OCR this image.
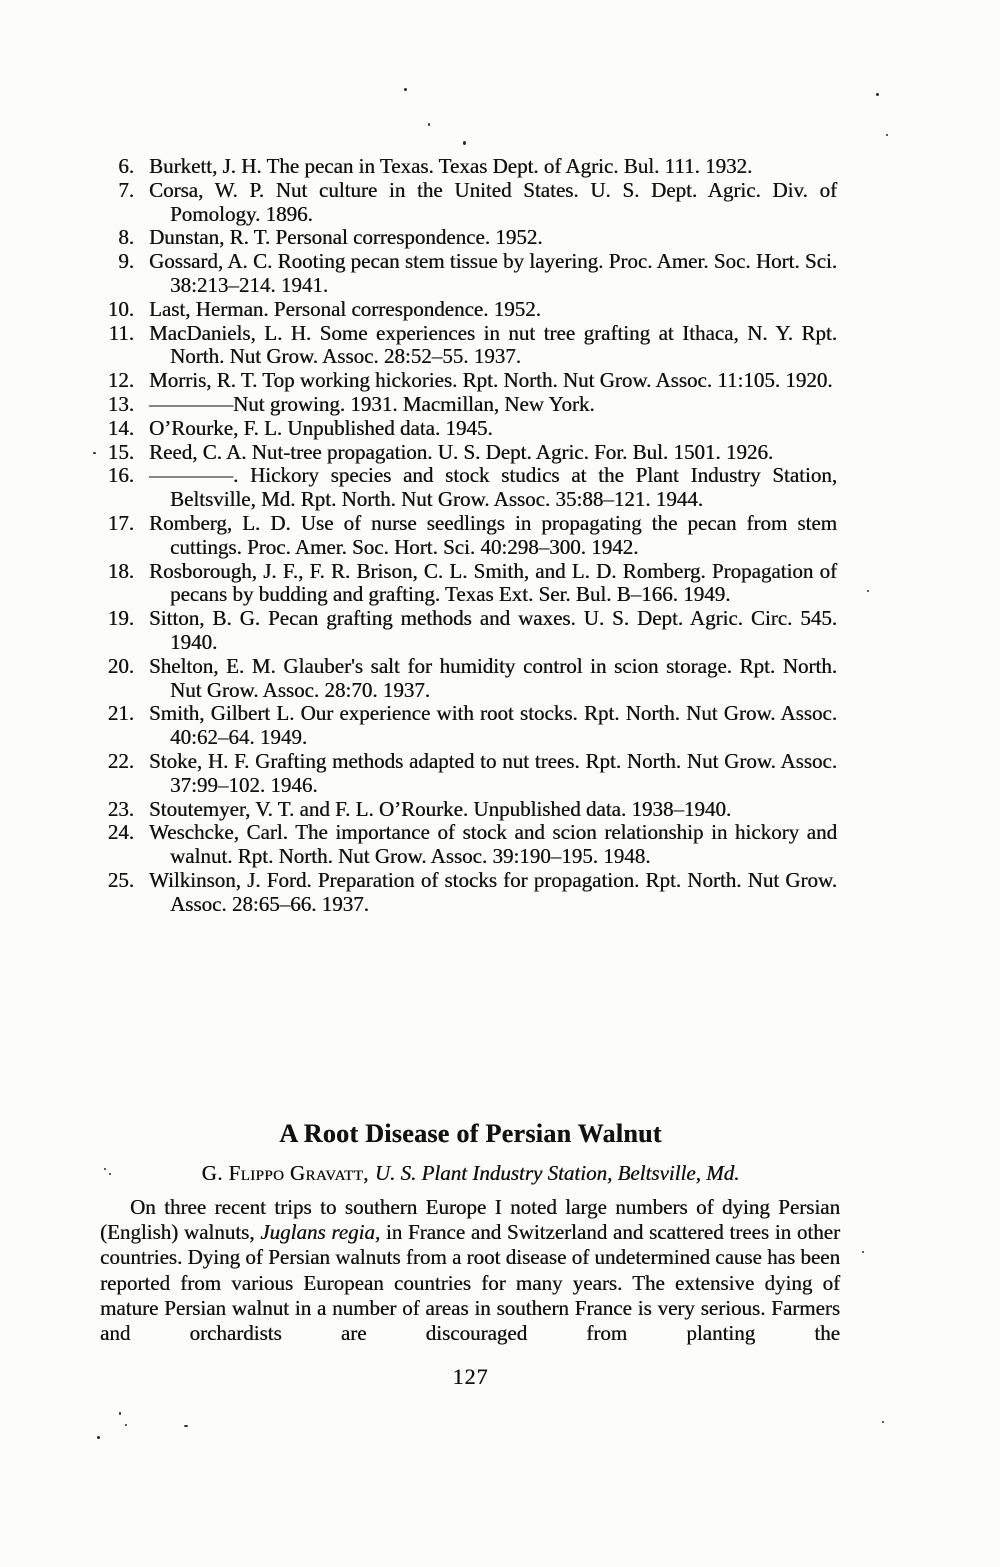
6. Burkett, J. H. The pecan in Texas. Texas Dept. of Agric. Bul. 111. 1932.
7. Corsa, W. P. Nut culture in the United States. U. S. Dept. Agric. Div. of Pomology. 1896.
8. Dunstan, R. T. Personal correspondence. 1952.
9. Gossard, A. C. Rooting pecan stem tissue by layering. Proc. Amer. Soc. Hort. Sci. 38:213–214. 1941.
10. Last, Herman. Personal correspondence. 1952.
11. MacDaniels, L. H. Some experiences in nut tree grafting at Ithaca, N. Y. Rpt. North. Nut Grow. Assoc. 28:52–55. 1937.
12. Morris, R. T. Top working hickories. Rpt. North. Nut Grow. Assoc. 11:105. 1920.
13. ————Nut growing. 1931. Macmillan, New York.
14. O’Rourke, F. L. Unpublished data. 1945.
15. Reed, C. A. Nut-tree propagation. U. S. Dept. Agric. For. Bul. 1501. 1926.
16. ————. Hickory species and stock studics at the Plant Industry Station, Beltsville, Md. Rpt. North. Nut Grow. Assoc. 35:88–121. 1944.
17. Romberg, L. D. Use of nurse seedlings in propagating the pecan from stem cuttings. Proc. Amer. Soc. Hort. Sci. 40:298–300. 1942.
18. Rosborough, J. F., F. R. Brison, C. L. Smith, and L. D. Romberg. Propagation of pecans by budding and grafting. Texas Ext. Ser. Bul. B–166. 1949.
19. Sitton, B. G. Pecan grafting methods and waxes. U. S. Dept. Agric. Circ. 545. 1940.
20. Shelton, E. M. Glauber's salt for humidity control in scion storage. Rpt. North. Nut Grow. Assoc. 28:70. 1937.
21. Smith, Gilbert L. Our experience with root stocks. Rpt. North. Nut Grow. Assoc. 40:62–64. 1949.
22. Stoke, H. F. Grafting methods adapted to nut trees. Rpt. North. Nut Grow. Assoc. 37:99–102. 1946.
23. Stoutemyer, V. T. and F. L. O’Rourke. Unpublished data. 1938–1940.
24. Weschcke, Carl. The importance of stock and scion relationship in hickory and walnut. Rpt. North. Nut Grow. Assoc. 39:190–195. 1948.
25. Wilkinson, J. Ford. Preparation of stocks for propagation. Rpt. North. Nut Grow. Assoc. 28:65–66. 1937.
A Root Disease of Persian Walnut
G. Flippo Gravatt, U. S. Plant Industry Station, Beltsville, Md.

On three recent trips to southern Europe I noted large numbers of dying Persian (English) walnuts, Juglans regia, in France and Switzerland and scattered trees in other countries. Dying of Persian walnuts from a root disease of undetermined cause has been reported from various European countries for many years. The extensive dying of mature Persian walnut in a number of areas in southern France is very serious. Farmers and orchardists are discouraged from planting the

127
